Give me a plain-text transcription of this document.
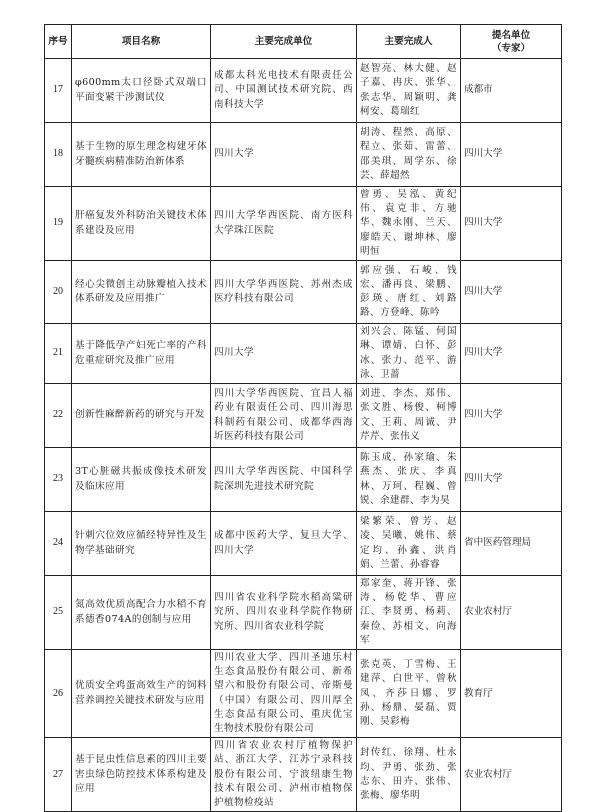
序号	项目名称	主要完成单位	主要完成人	提名单位
（专家）

17	φ600mm太口径卧式双端口平面变紧干涉测试仪	成都太科光电技术有限责任公司、中国测试技术研究院、西南科技大学	赵智亮、林大健、赵子嘉、冉庆、张华、张志华、周颖明、龚柯安、葛瑞红	成都市
18	基于生物的原生理念构建牙体牙髓疾病精准防治新体系	四川大学	胡涛、程然、高原、程立、张茹、雷蕾、邵美琪、周学东、徐芸、薛超然	四川大学
19	肝癌复发外科防治关键技术体系建设及应用	四川大学华西医院、南方医科大学珠江医院	曾勇、吴泓、黄纪伟、袁克非、方驰华、魏永刚、兰天、廖皓天、谢坤林、廖明恒	四川大学
20	经心尖微创主动脉瓣植入技术体系研发及应用推广	四川大学华西医院、苏州杰成医疗科技有限公司	郭应强、石峻、钱宏、潘再良、梁鹏、彭瑛、唐红、刘路路、方登峰、陈吟	四川大学
21	基于降低孕产妇死亡率的产科危重症研究及推广应用	四川大学	刘兴会、陈锰、何国琳、谭婧、白怀、彭冰、张力、范平、游泳、卫蔷	四川大学
22	创新性麻醉新药的研究与开发	四川大学华西医院、宜昌人福药业有限责任公司、四川海思科制药有限公司、成都华西海圻医药科技有限公司	刘进、李杰、郑伟、张文胜、杨俊、柯博文、王莉、周诚、尹芹芹、张伟义	四川大学
23	3T心脏磁共振成像技术研发及临床应用	四川大学华西医院、中国科学院深圳先进技术研究院	陈玉成、孙家瑜、朱燕杰、张庆、李真林、万珂、程巍、曾锐、余建群、李为昊	四川大学
24	针刺穴位效应循经特异性及生物学基础研究	成都中医药大学、复旦大学、四川大学	梁繁荣、曾芳、赵凌、吴曦、姚伟、蔡定均、孙鑫、洪肖娟、兰蕾、孙睿睿	省中医药管理局
25	氮高效优质高配合力水稻不育系德香074A的创制与应用	四川省农业科学院水稻高粱研究所、四川农业科学院作物研究所、四川省农业科学院	郑家奎、蒋开锋、张涛、杨乾华、曹应江、李贤勇、杨莉、秦俭、苏相文、向海军	农业农村厅
26	优质安全鸡蛋高效生产的饲料营养调控关键技术研发与应用	四川农业大学、四川圣迪乐村生态食品股份有限公司、新希望六和股份有限公司、帝斯曼（中国）有限公司、四川厚全生态食品有限公司、重庆优宝生物技术股份有限公司	张克英、丁雪梅、王建萍、白世平、曾秋凤、齐莎日娜、罗孙、杨鼎、晏磊、贾刚、吴彩梅	教育厅
27	基于昆虫性信息素的四川主要害虫绿色防控技术体系构建及应用	四川省农业农村厅植物保护站、浙江大学、江苏宁录科技股份有限公司、宁波纽康生物技术有限公司、泸州市植物保护植物检疫站	封传红、徐翔、杜永均、尹勇、张劲、张志东、田卉、张伟、张梅、廖华明	农业农村厅
